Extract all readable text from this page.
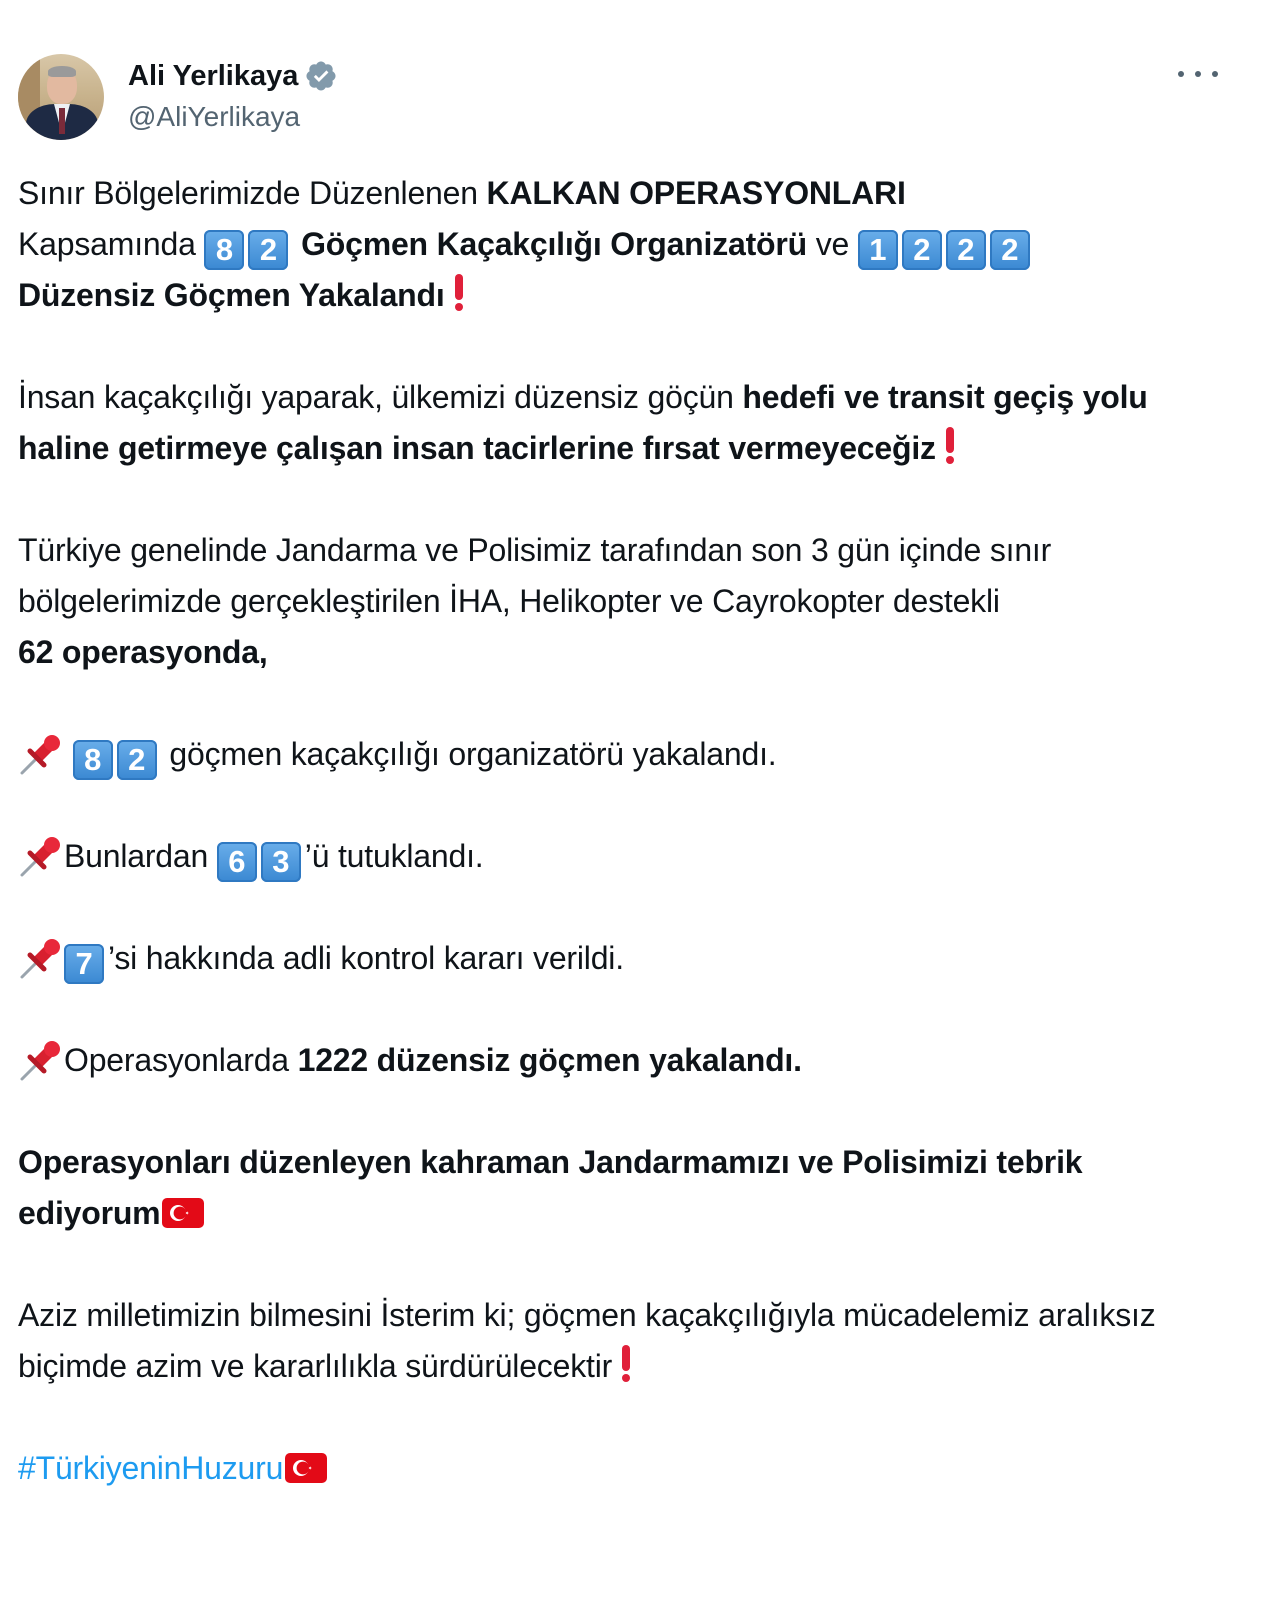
Ali Yerlikaya
@AliYerlikaya

Sınır Bölgelerimizde Düzenlenen KALKAN OPERASYONLARI
Kapsamında 8 2 Göçmen Kaçakçılığı Organizatörü ve 1 2 2 2
Düzensiz Göçmen Yakalandı

İnsan kaçakçılığı yaparak, ülkemizi düzensiz göçün hedefi ve transit geçiş yolu haline getirmeye çalışan insan tacirlerine fırsat vermeyeceğiz

Türkiye genelinde Jandarma ve Polisimiz tarafından son 3 gün içinde sınır bölgelerimizde gerçekleştirilen İHA, Helikopter ve Cayrokopter destekli
62 operasyonda,

8 2 göçmen kaçakçılığı organizatörü yakalandı.

Bunlardan 6 3 ’ü tutuklandı.

7 ’si hakkında adli kontrol kararı verildi.

Operasyonlarda 1222 düzensiz göçmen yakalandı.

Operasyonları düzenleyen kahraman Jandarmamızı ve Polisimizi tebrik ediyorum

Aziz milletimizin bilmesini İsterim ki; göçmen kaçakçılığıyla mücadelemiz aralıksız biçimde azim ve kararlılıkla sürdürülecektir

#TürkiyeninHuzuru
